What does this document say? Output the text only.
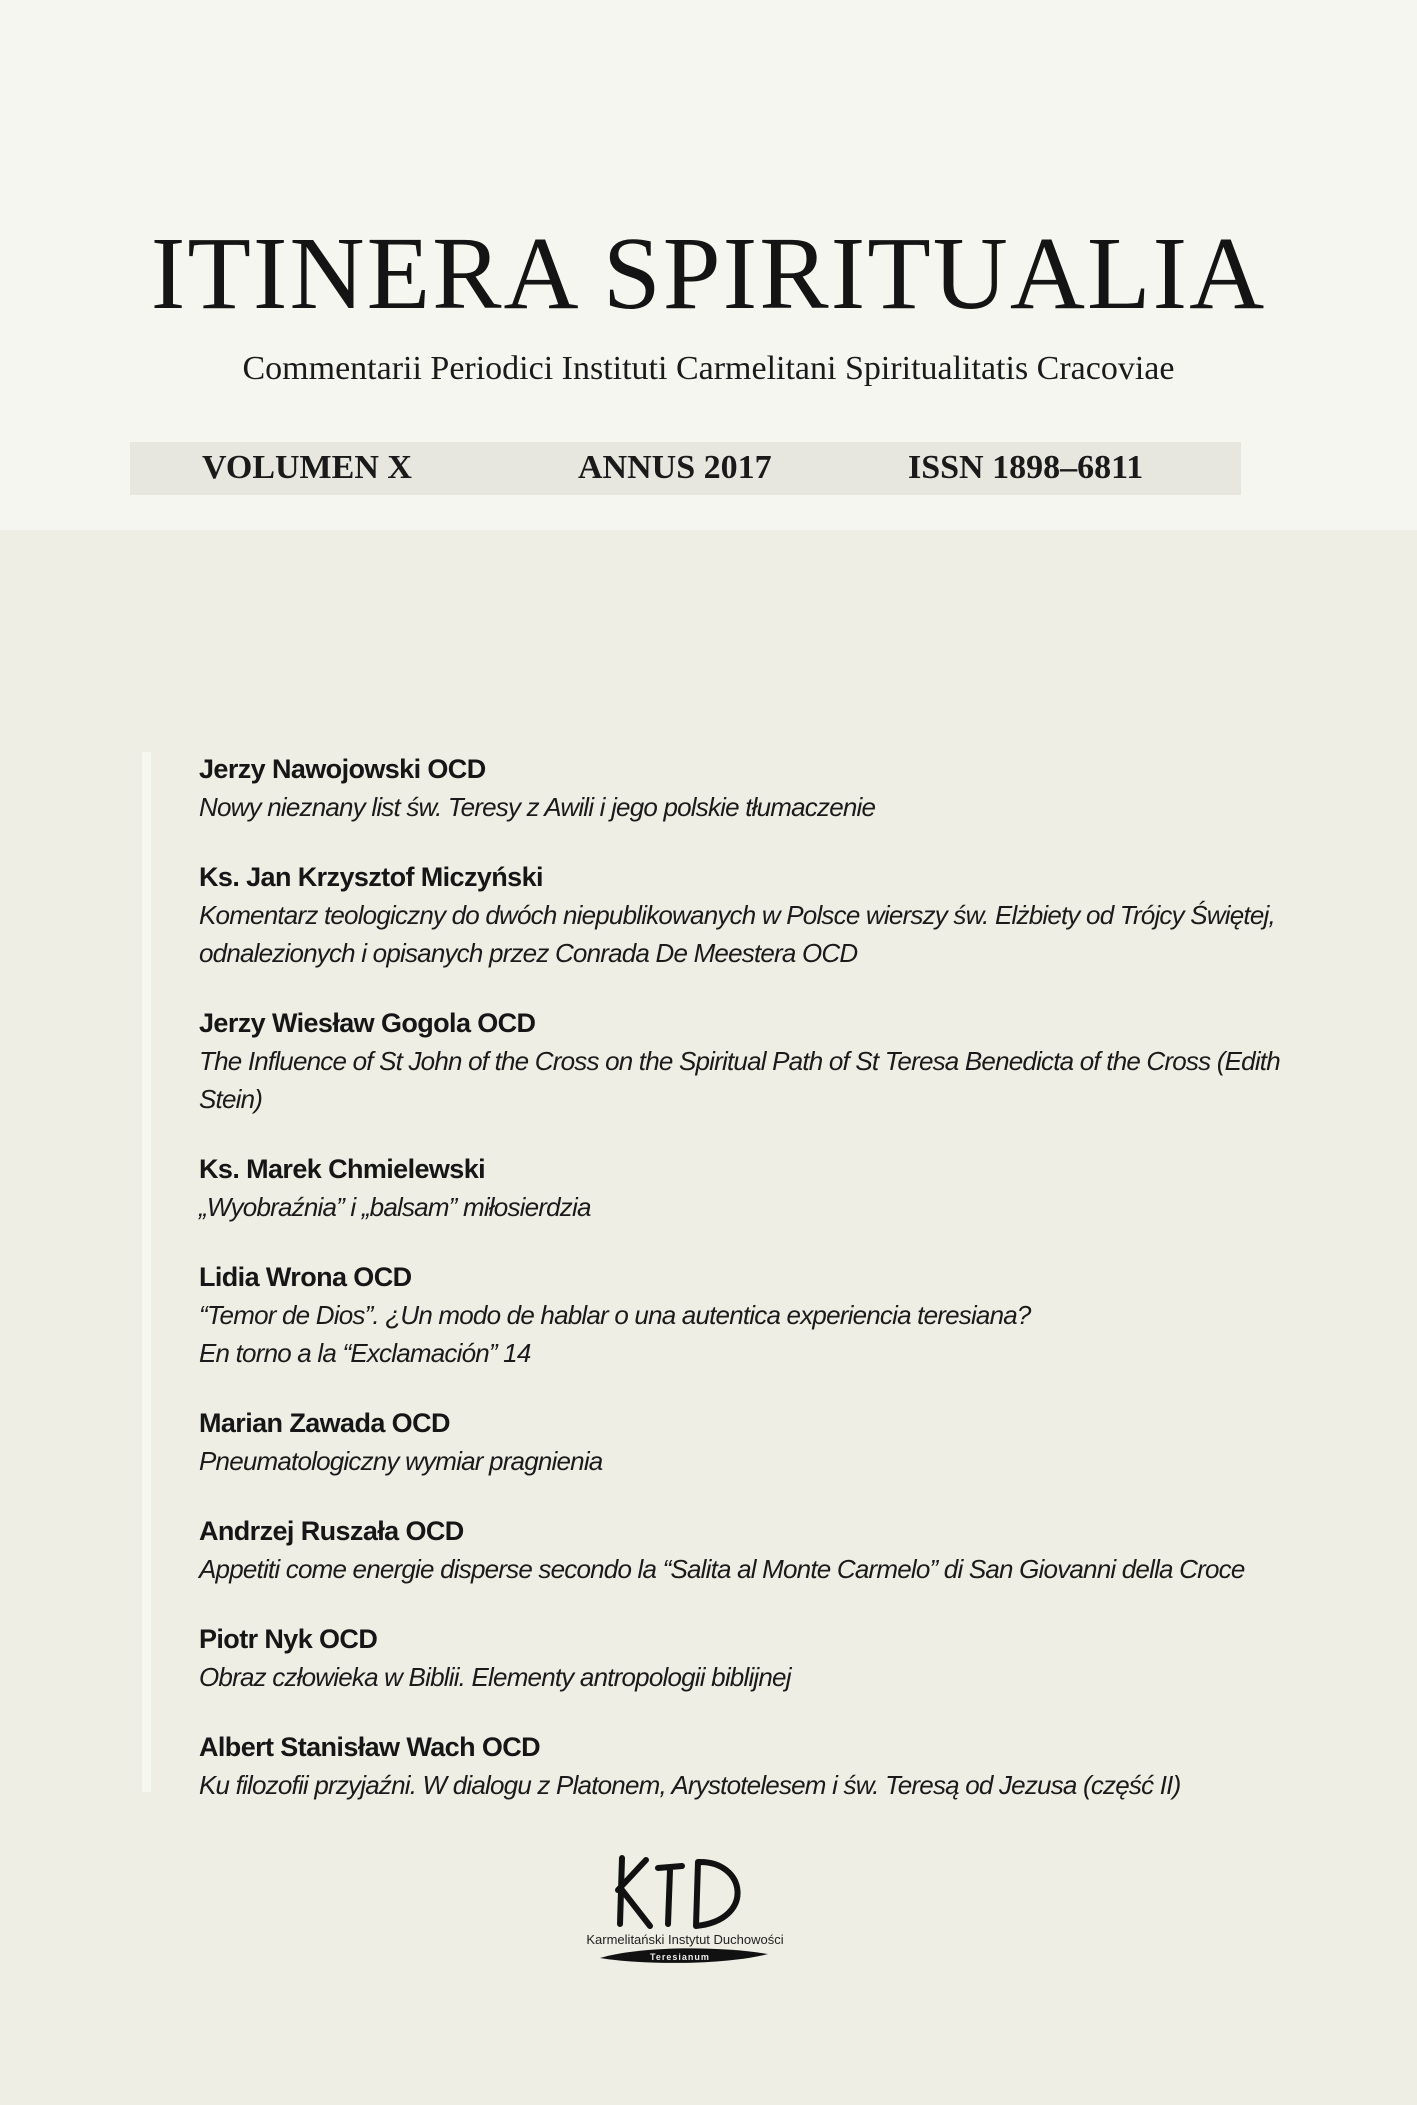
ITINERA SPIRITUALIA
Commentarii Periodici Instituti Carmelitani Spiritualitatis Cracoviae
VOLUMEN X	ANNUS 2017	ISSN 1898–6811
Jerzy Nawojowski OCD
Nowy nieznany list św. Teresy z Awili i jego polskie tłumaczenie
Ks. Jan Krzysztof Miczyński
Komentarz teologiczny do dwóch niepublikowanych w Polsce wierszy św. Elżbiety od Trójcy Świętej,
odnalezionych i opisanych przez Conrada De Meestera OCD
Jerzy Wiesław Gogola OCD
The Influence of St John of the Cross on the Spiritual Path of St Teresa Benedicta of the Cross (Edith Stein)
Ks. Marek Chmielewski
„Wyobraźnia” i „balsam” miłosierdzia
Lidia Wrona OCD
“Temor de Dios”. ¿Un modo de hablar o una autentica experiencia teresiana?
En torno a la “Exclamación” 14
Marian Zawada OCD
Pneumatologiczny wymiar pragnienia
Andrzej Ruszała OCD
Appetiti come energie disperse secondo la “Salita al Monte Carmelo” di San Giovanni della Croce
Piotr Nyk OCD
Obraz człowieka w Biblii. Elementy antropologii biblijnej
Albert Stanisław Wach OCD
Ku filozofii przyjaźni. W dialogu z Platonem, Arystotelesem i św. Teresą od Jezusa (część II)
Karmelitański Instytut Duchowości
Teresianum
